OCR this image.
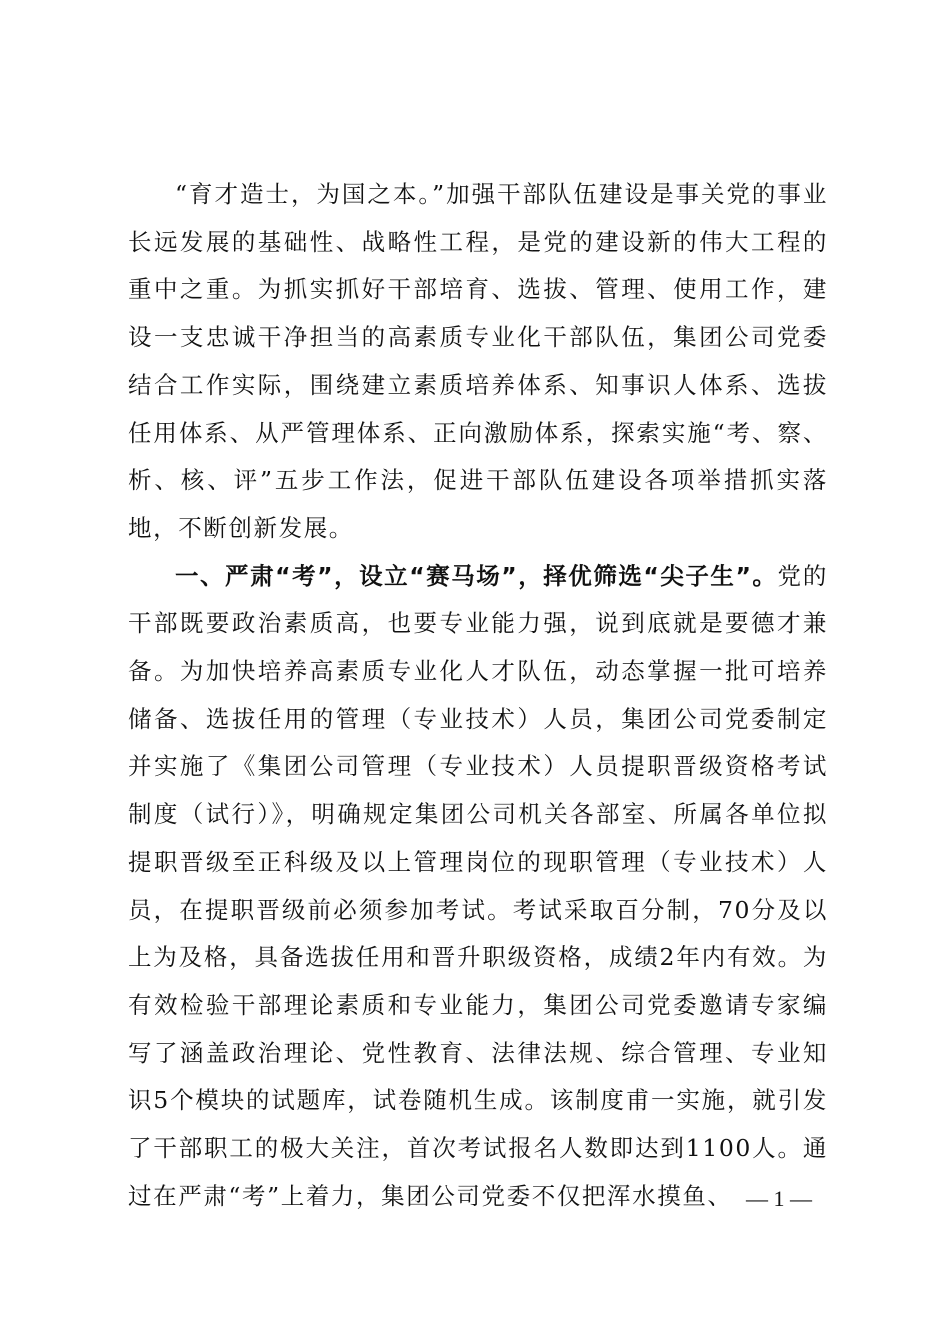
“育才造士，为国之本。”加强干部队伍建设是事关党的事业长远发展的基础性、战略性工程，是党的建设新的伟大工程的重中之重。为抓实抓好干部培育、选拔、管理、使用工作，建设一支忠诚干净担当的高素质专业化干部队伍，集团公司党委结合工作实际，围绕建立素质培养体系、知事识人体系、选拔任用体系、从严管理体系、正向激励体系，探索实施“考、察、析、核、评”五步工作法，促进干部队伍建设各项举措抓实落地，不断创新发展。

一、严肃“考”，设立“赛马场”，择优筛选“尖子生”。党的干部既要政治素质高，也要专业能力强，说到底就是要德才兼备。为加快培养高素质专业化人才队伍，动态掌握一批可培养储备、选拔任用的管理（专业技术）人员，集团公司党委制定并实施了《集团公司管理（专业技术）人员提职晋级资格考试制度（试行）》，明确规定集团公司机关各部室、所属各单位拟提职晋级至正科级及以上管理岗位的现职管理（专业技术）人员，在提职晋级前必须参加考试。考试采取百分制，70分及以上为及格，具备选拔任用和晋升职级资格，成绩2年内有效。为有效检验干部理论素质和专业能力，集团公司党委邀请专家编写了涵盖政治理论、党性教育、法律法规、综合管理、专业知识5个模块的试题库，试卷随机生成。该制度甫一实施，就引发了干部职工的极大关注，首次考试报名人数即达到1100人。通过在严肃“考”上着力，集团公司党委不仅把浑水摸鱼、 — 1 —
